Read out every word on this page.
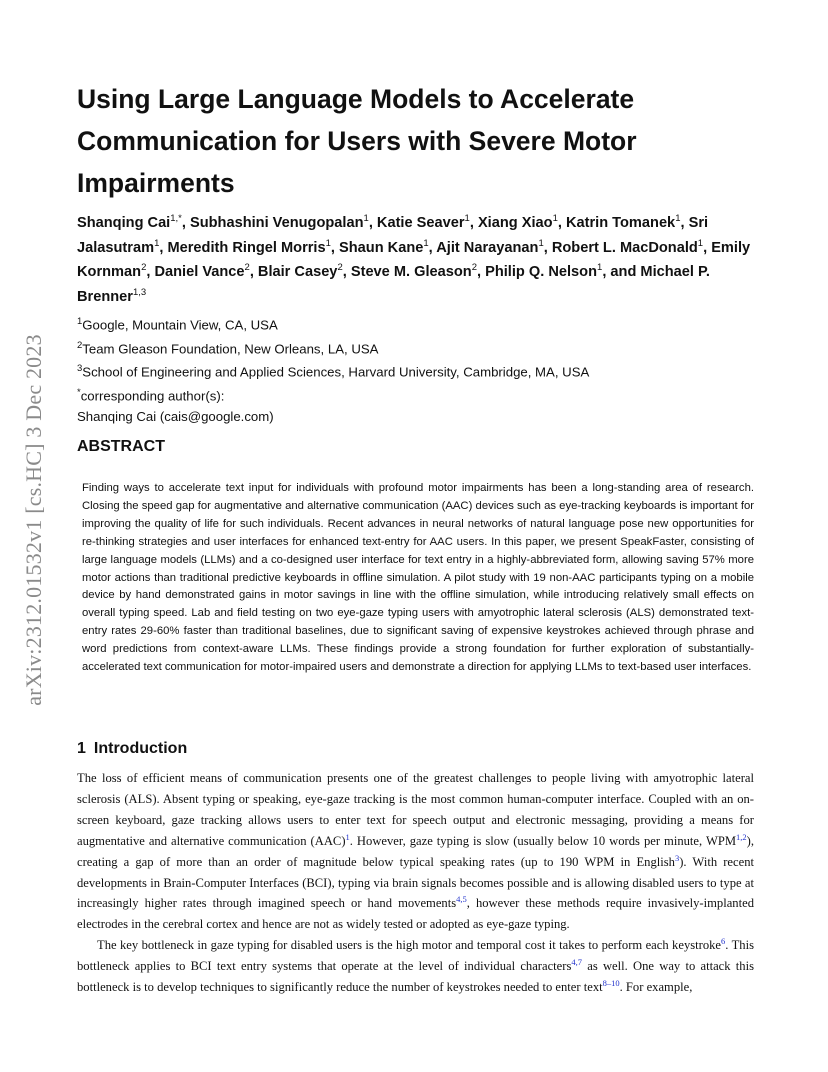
arXiv:2312.01532v1 [cs.HC] 3 Dec 2023
Using Large Language Models to Accelerate Communication for Users with Severe Motor Impairments
Shanqing Cai$^{1,*}$, Subhashini Venugopalan$^1$, Katie Seaver$^1$, Xiang Xiao$^1$, Katrin Tomanek$^1$, Sri Jalasutram$^1$, Meredith Ringel Morris$^1$, Shaun Kane$^1$, Ajit Narayanan$^1$, Robert L. MacDonald$^1$, Emily Kornman$^2$, Daniel Vance$^2$, Blair Casey$^2$, Steve M. Gleason$^2$, Philip Q. Nelson$^1$, and Michael P. Brenner$^{1,3}$
$^1$Google, Mountain View, CA, USA
$^2$Team Gleason Foundation, New Orleans, LA, USA
$^3$School of Engineering and Applied Sciences, Harvard University, Cambridge, MA, USA
*corresponding author(s):
Shanqing Cai (cais@google.com)
ABSTRACT

Finding ways to accelerate text input for individuals with profound motor impairments has been a long-standing area of research. Closing the speed gap for augmentative and alternative communication (AAC) devices such as eye-tracking keyboards is important for improving the quality of life for such individuals. Recent advances in neural networks of natural language pose new opportunities for re-thinking strategies and user interfaces for enhanced text-entry for AAC users. In this paper, we present SpeakFaster, consisting of large language models (LLMs) and a co-designed user interface for text entry in a highly-abbreviated form, allowing saving 57% more motor actions than traditional predictive keyboards in offline simulation. A pilot study with 19 non-AAC participants typing on a mobile device by hand demonstrated gains in motor savings in line with the offline simulation, while introducing relatively small effects on overall typing speed. Lab and field testing on two eye-gaze typing users with amyotrophic lateral sclerosis (ALS) demonstrated text-entry rates 29-60% faster than traditional baselines, due to significant saving of expensive keystrokes achieved through phrase and word predictions from context-aware LLMs. These findings provide a strong foundation for further exploration of substantially-accelerated text communication for motor-impaired users and demonstrate a direction for applying LLMs to text-based user interfaces.

1 Introduction

The loss of efficient means of communication presents one of the greatest challenges to people living with amyotrophic lateral sclerosis (ALS). Absent typing or speaking, eye-gaze tracking is the most common human-computer interface. Coupled with an on-screen keyboard, gaze tracking allows users to enter text for speech output and electronic messaging, providing a means for augmentative and alternative communication (AAC)$^1$. However, gaze typing is slow (usually below 10 words per minute, WPM$^{1,2}$), creating a gap of more than an order of magnitude below typical speaking rates (up to 190 WPM in English$^3$). With recent developments in Brain-Computer Interfaces (BCI), typing via brain signals becomes possible and is allowing disabled users to type at increasingly higher rates through imagined speech or hand movements$^{4,5}$, however these methods require invasively-implanted electrodes in the cerebral cortex and hence are not as widely tested or adopted as eye-gaze typing.

The key bottleneck in gaze typing for disabled users is the high motor and temporal cost it takes to perform each keystroke$^6$. This bottleneck applies to BCI text entry systems that operate at the level of individual characters$^{4,7}$ as well. One way to attack this bottleneck is to develop techniques to significantly reduce the number of keystrokes needed to enter text$^{8-10}$. For example,
